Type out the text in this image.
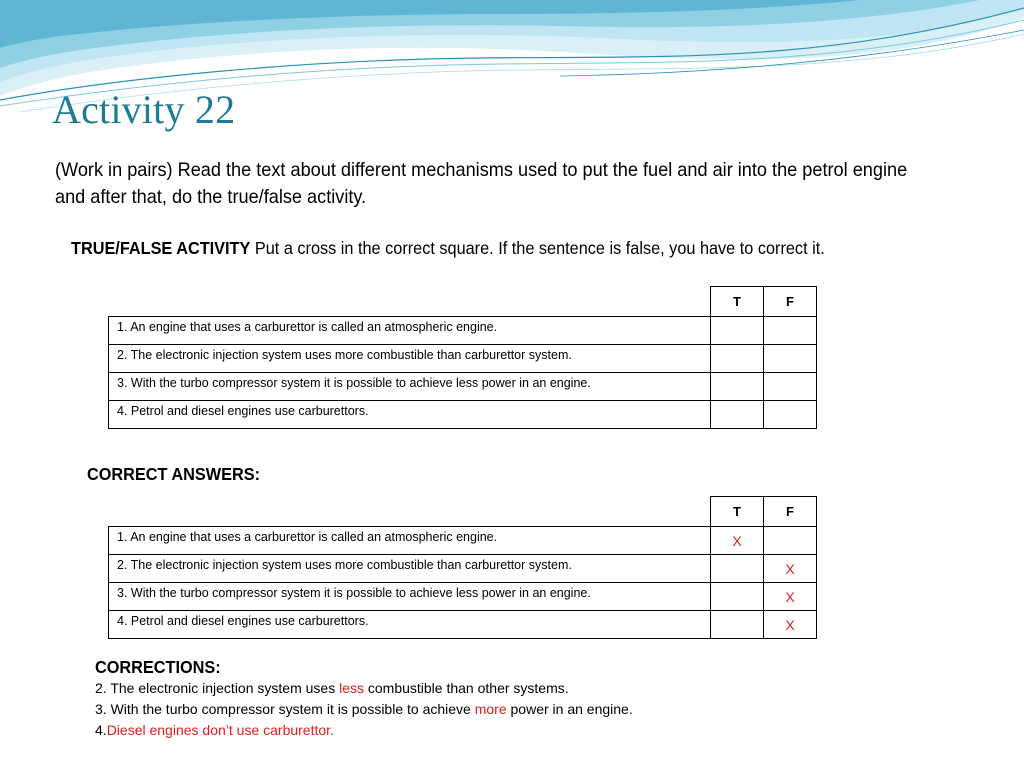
Activity 22
(Work in pairs) Read the text about different mechanisms used to put the fuel and air into the petrol engine and after that, do the true/false activity.
TRUE/FALSE ACTIVITY Put a cross in the correct square. If the sentence is false, you have to correct it.
	T	F
1. An engine that uses a carburettor is called an atmospheric engine.		
2. The electronic injection system uses more combustible than carburettor system.		
3. With the turbo compressor system it is possible to achieve less power in an engine.		
4. Petrol and diesel engines use carburettors.		
CORRECT ANSWERS:
	T	F
1. An engine that uses a carburettor is called an atmospheric engine.	X	
2. The electronic injection system uses more combustible than carburettor system.		X
3. With the turbo compressor system it is possible to achieve less power in an engine.		X
4. Petrol and diesel engines use carburettors.		X
CORRECTIONS:
2. The electronic injection system uses less combustible than other systems.
3. With the turbo compressor system it is possible to achieve more power in an engine.
4.Diesel engines don’t use carburettor.
